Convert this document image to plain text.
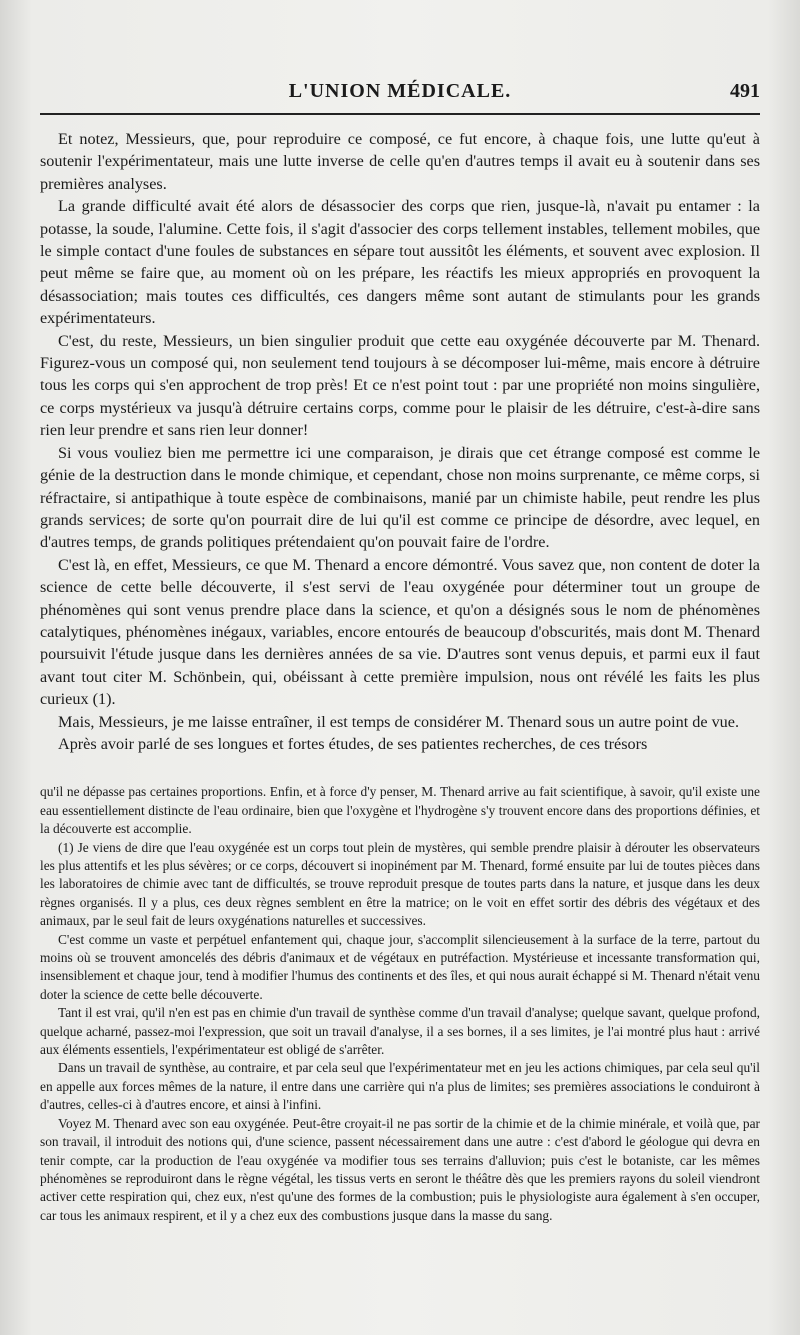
L'UNION MÉDICALE.	491

Et notez, Messieurs, que, pour reproduire ce composé, ce fut encore, à chaque fois, une lutte qu'eut à soutenir l'expérimentateur, mais une lutte inverse de celle qu'en d'autres temps il avait eu à soutenir dans ses premières analyses.

La grande difficulté avait été alors de désassocier des corps que rien, jusque-là, n'avait pu entamer : la potasse, la soude, l'alumine. Cette fois, il s'agit d'associer des corps tellement instables, tellement mobiles, que le simple contact d'une foules de substances en sépare tout aussitôt les éléments, et souvent avec explosion. Il peut même se faire que, au moment où on les prépare, les réactifs les mieux appropriés en provoquent la désassociation; mais toutes ces difficultés, ces dangers même sont autant de stimulants pour les grands expérimentateurs.

C'est, du reste, Messieurs, un bien singulier produit que cette eau oxygénée découverte par M. Thenard. Figurez-vous un composé qui, non seulement tend toujours à se décomposer lui-même, mais encore à détruire tous les corps qui s'en approchent de trop près! Et ce n'est point tout : par une propriété non moins singulière, ce corps mystérieux va jusqu'à détruire certains corps, comme pour le plaisir de les détruire, c'est-à-dire sans rien leur prendre et sans rien leur donner!

Si vous vouliez bien me permettre ici une comparaison, je dirais que cet étrange composé est comme le génie de la destruction dans le monde chimique, et cependant, chose non moins surprenante, ce même corps, si réfractaire, si antipathique à toute espèce de combinaisons, manié par un chimiste habile, peut rendre les plus grands services; de sorte qu'on pourrait dire de lui qu'il est comme ce principe de désordre, avec lequel, en d'autres temps, de grands politiques prétendaient qu'on pouvait faire de l'ordre.

C'est là, en effet, Messieurs, ce que M. Thenard a encore démontré. Vous savez que, non content de doter la science de cette belle découverte, il s'est servi de l'eau oxygénée pour déterminer tout un groupe de phénomènes qui sont venus prendre place dans la science, et qu'on a désignés sous le nom de phénomènes catalytiques, phénomènes inégaux, variables, encore entourés de beaucoup d'obscurités, mais dont M. Thenard poursuivit l'étude jusque dans les dernières années de sa vie. D'autres sont venus depuis, et parmi eux il faut avant tout citer M. Schönbein, qui, obéissant à cette première impulsion, nous ont révélé les faits les plus curieux (1).

Mais, Messieurs, je me laisse entraîner, il est temps de considérer M. Thenard sous un autre point de vue.

Après avoir parlé de ses longues et fortes études, de ses patientes recherches, de ces trésors

qu'il ne dépasse pas certaines proportions. Enfin, et à force d'y penser, M. Thenard arrive au fait scientifique, à savoir, qu'il existe une eau essentiellement distincte de l'eau ordinaire, bien que l'oxygène et l'hydrogène s'y trouvent encore dans des proportions définies, et la découverte est accomplie.

(1) Je viens de dire que l'eau oxygénée est un corps tout plein de mystères, qui semble prendre plaisir à dérouter les observateurs les plus attentifs et les plus sévères; or ce corps, découvert si inopinément par M. Thenard, formé ensuite par lui de toutes pièces dans les laboratoires de chimie avec tant de difficultés, se trouve reproduit presque de toutes parts dans la nature, et jusque dans les deux règnes organisés. Il y a plus, ces deux règnes semblent en être la matrice; on le voit en effet sortir des débris des végétaux et des animaux, par le seul fait de leurs oxygénations naturelles et successives.

C'est comme un vaste et perpétuel enfantement qui, chaque jour, s'accomplit silencieusement à la surface de la terre, partout du moins où se trouvent amoncelés des débris d'animaux et de végétaux en putréfaction. Mystérieuse et incessante transformation qui, insensiblement et chaque jour, tend à modifier l'humus des continents et des îles, et qui nous aurait échappé si M. Thenard n'était venu doter la science de cette belle découverte.

Tant il est vrai, qu'il n'en est pas en chimie d'un travail de synthèse comme d'un travail d'analyse; quelque savant, quelque profond, quelque acharné, passez-moi l'expression, que soit un travail d'analyse, il a ses bornes, il a ses limites, je l'ai montré plus haut : arrivé aux éléments essentiels, l'expérimentateur est obligé de s'arrêter.

Dans un travail de synthèse, au contraire, et par cela seul que l'expérimentateur met en jeu les actions chimiques, par cela seul qu'il en appelle aux forces mêmes de la nature, il entre dans une carrière qui n'a plus de limites; ses premières associations le conduiront à d'autres, celles-ci à d'autres encore, et ainsi à l'infini.

Voyez M. Thenard avec son eau oxygénée. Peut-être croyait-il ne pas sortir de la chimie et de la chimie minérale, et voilà que, par son travail, il introduit des notions qui, d'une science, passent nécessairement dans une autre : c'est d'abord le géologue qui devra en tenir compte, car la production de l'eau oxygénée va modifier tous ses terrains d'alluvion; puis c'est le botaniste, car les mêmes phénomènes se reproduiront dans le règne végétal, les tissus verts en seront le théâtre dès que les premiers rayons du soleil viendront activer cette respiration qui, chez eux, n'est qu'une des formes de la combustion; puis le physiologiste aura également à s'en occuper, car tous les animaux respirent, et il y a chez eux des combustions jusque dans la masse du sang.
